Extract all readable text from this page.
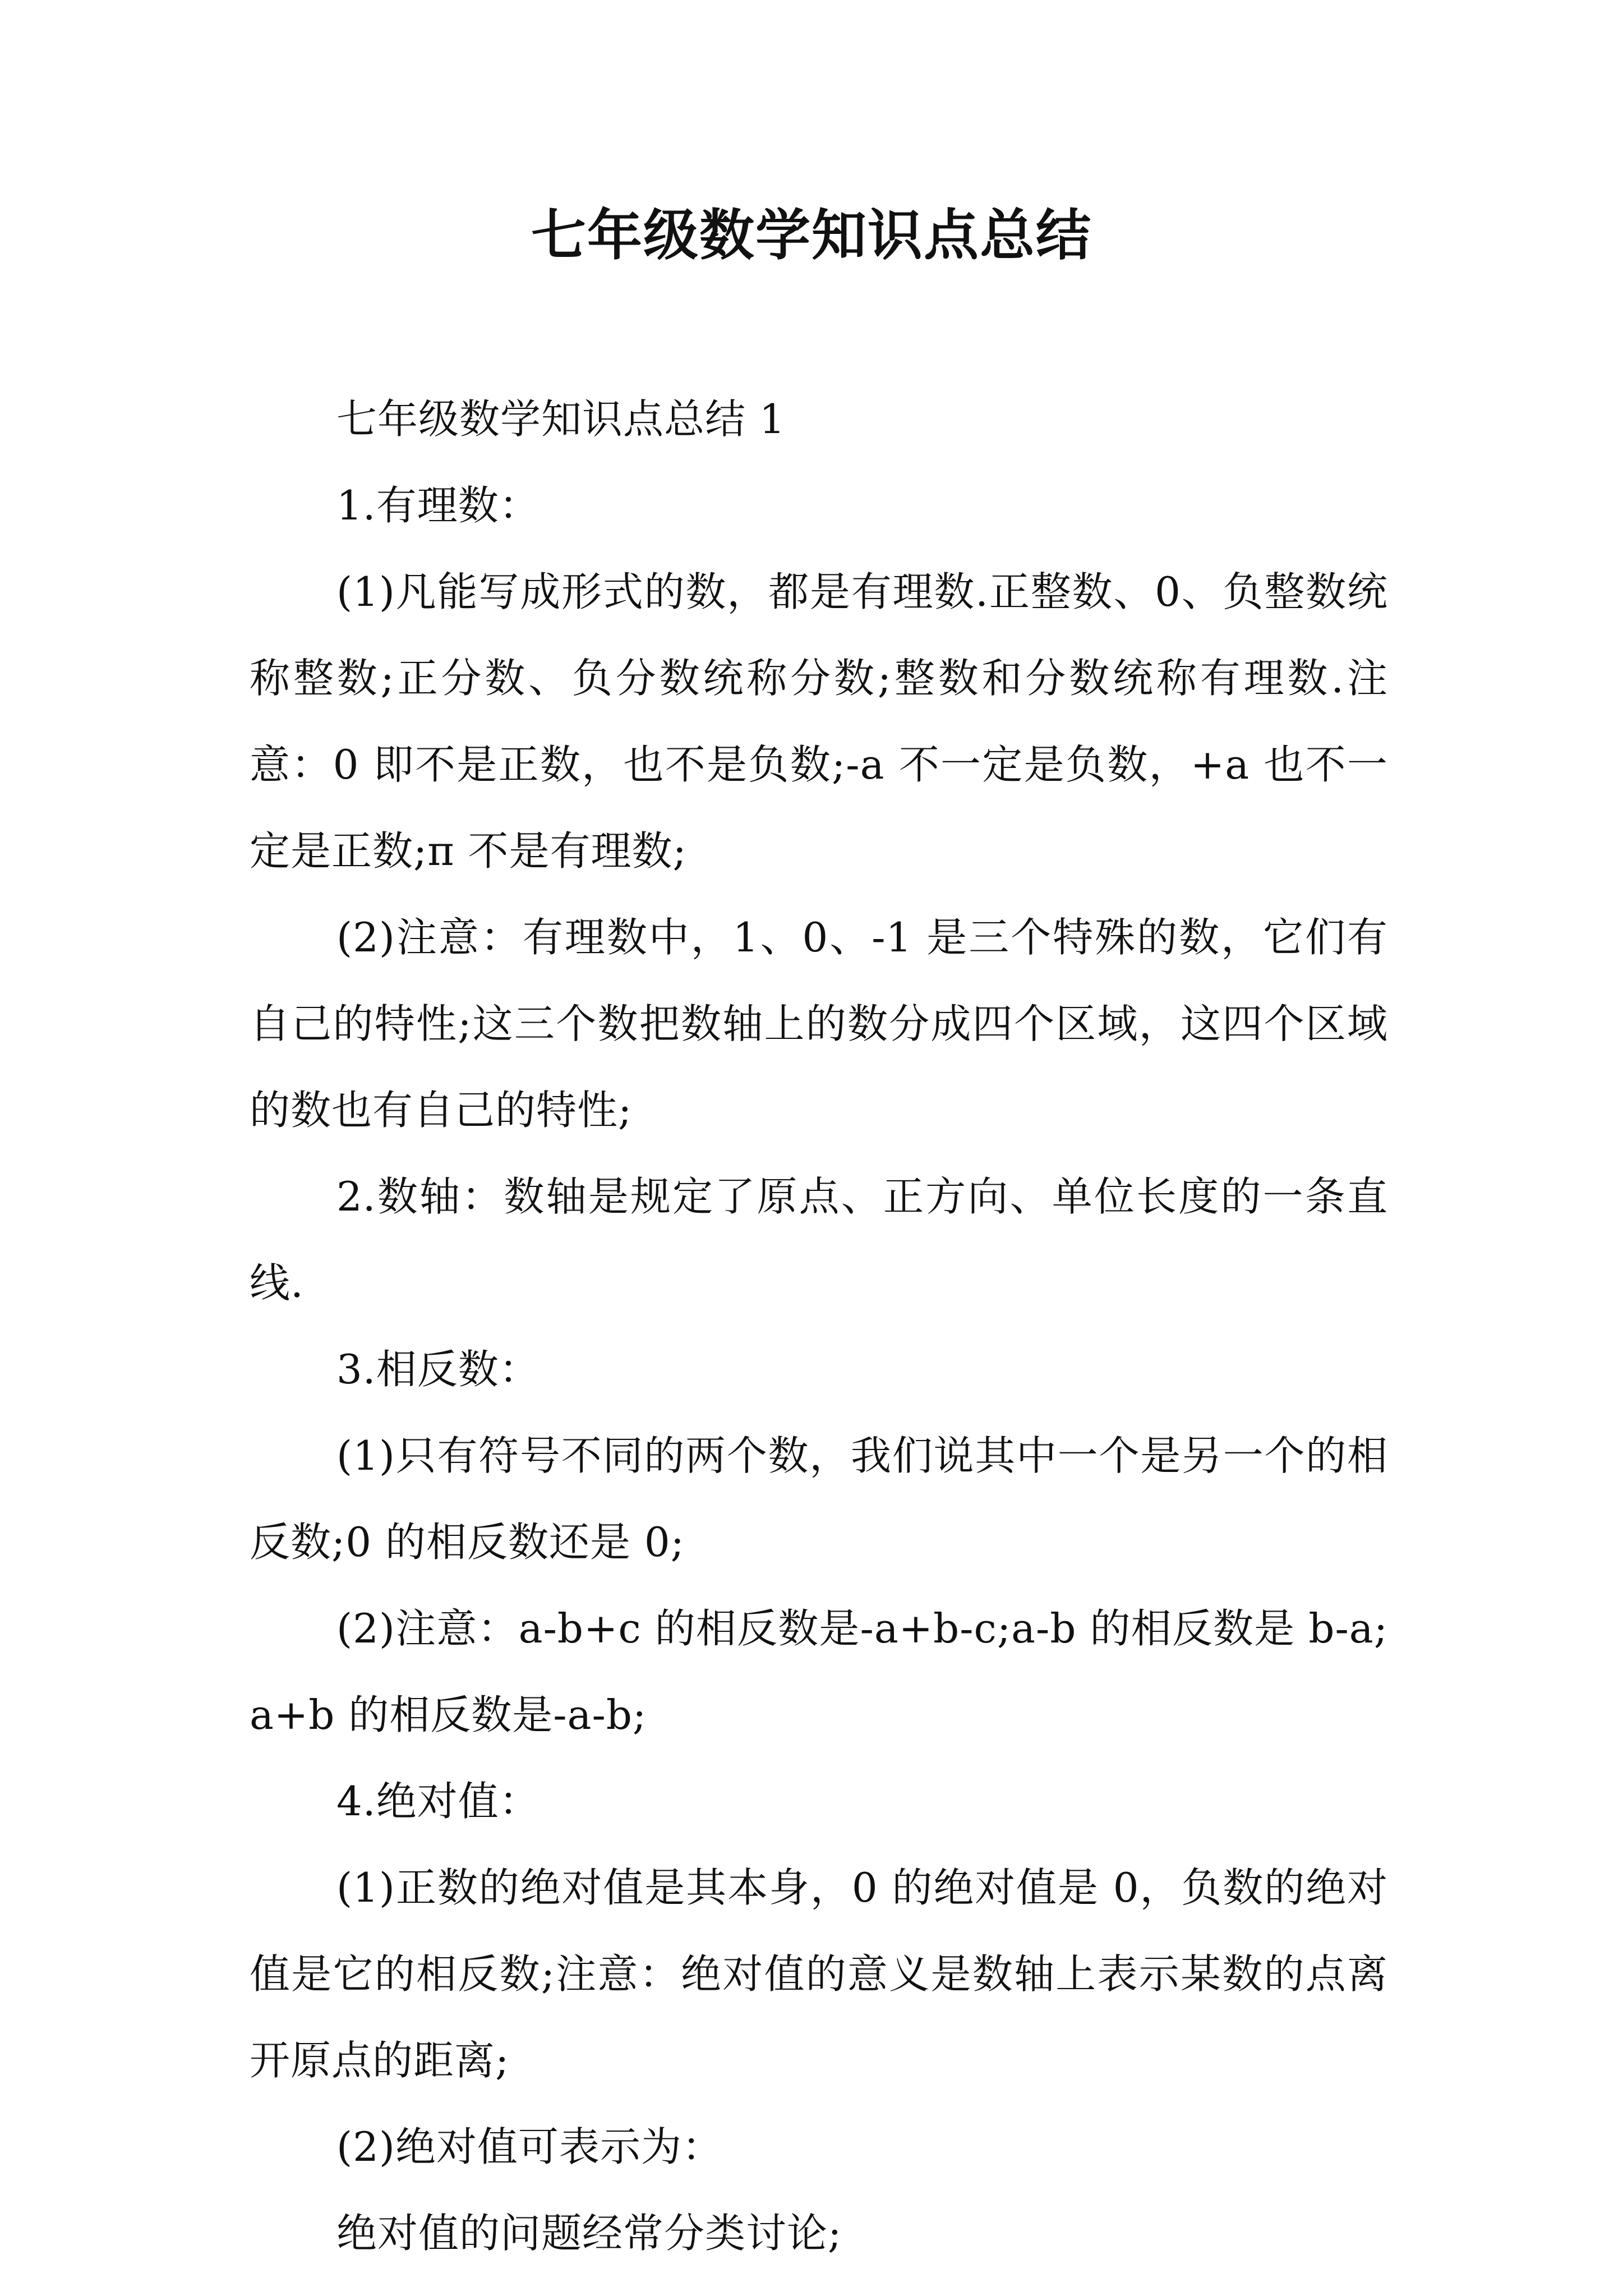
七年级数学知识点总结

七年级数学知识点总结 1

1.有理数：

(1)凡能写成形式的数，都是有理数.正整数、0、负整数统称整数;正分数、负分数统称分数;整数和分数统称有理数.注意：0 即不是正数，也不是负数;-a 不一定是负数，+a 也不一定是正数;π 不是有理数;

(2)注意：有理数中，1、0、-1 是三个特殊的数，它们有自己的特性;这三个数把数轴上的数分成四个区域，这四个区域的数也有自己的特性;

2.数轴：数轴是规定了原点、正方向、单位长度的一条直线.

3.相反数：

(1)只有符号不同的两个数，我们说其中一个是另一个的相反数;0 的相反数还是 0;

(2)注意：a-b+c 的相反数是-a+b-c;a-b 的相反数是 b-a;a+b 的相反数是-a-b;

4.绝对值：

(1)正数的绝对值是其本身，0 的绝对值是 0，负数的绝对值是它的相反数;注意：绝对值的意义是数轴上表示某数的点离开原点的距离;

(2)绝对值可表示为：

绝对值的问题经常分类讨论;
